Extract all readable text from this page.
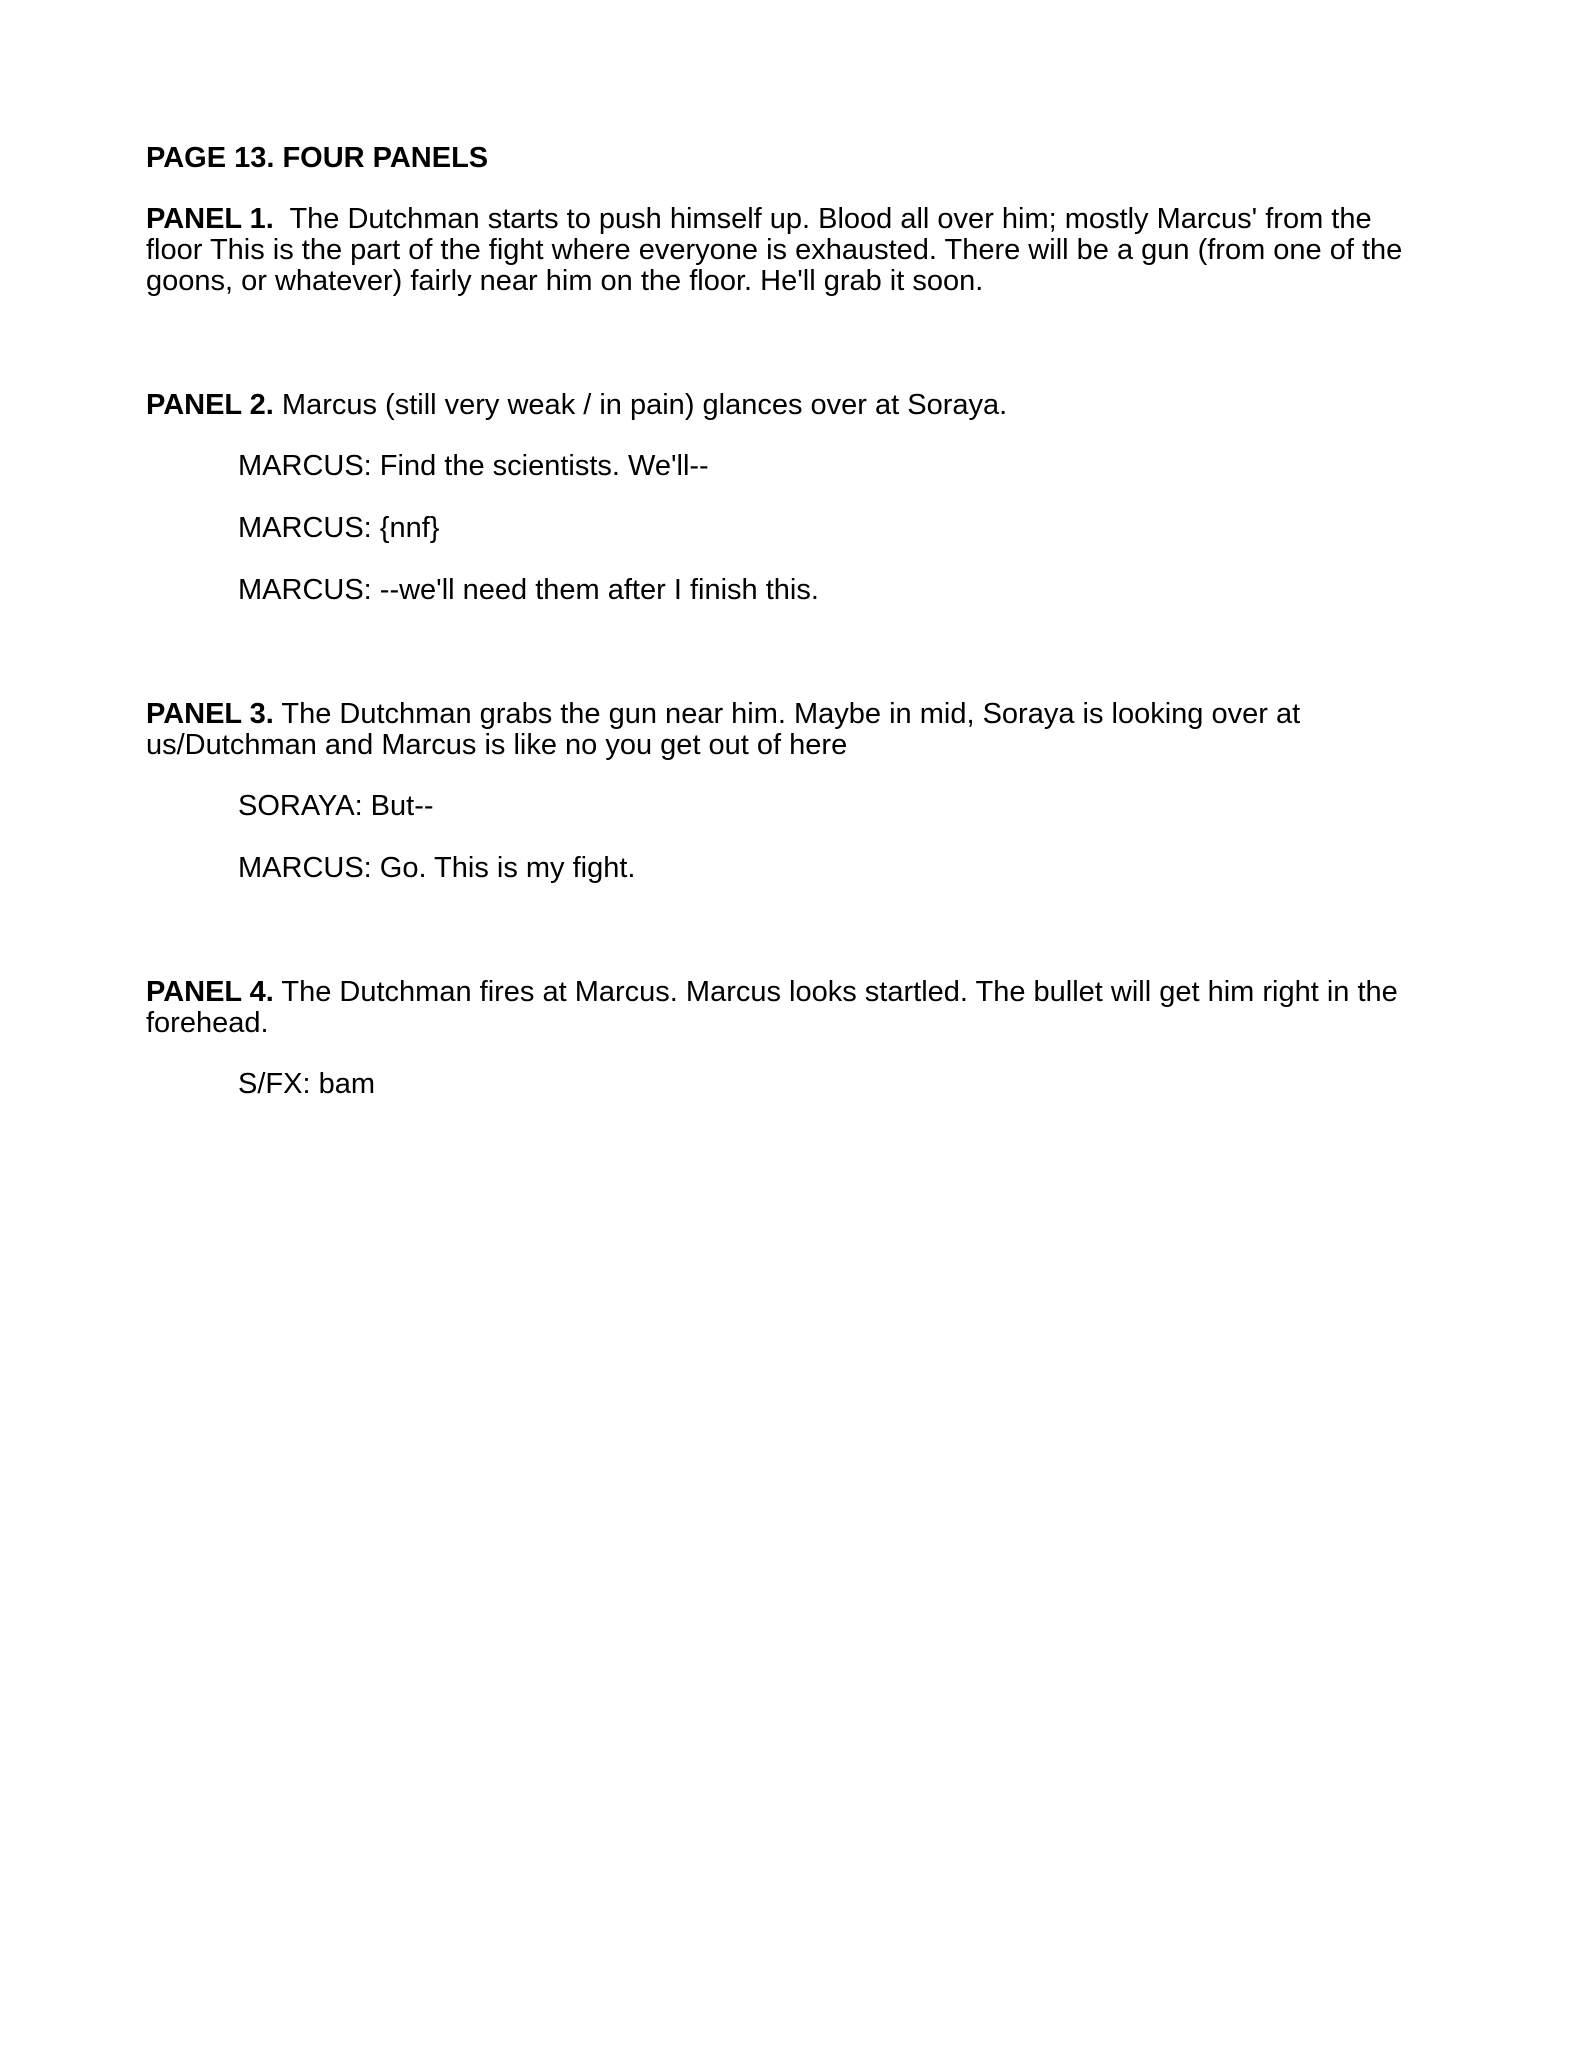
PAGE 13. FOUR PANELS

PANEL 1.  The Dutchman starts to push himself up. Blood all over him; mostly Marcus' from the floor This is the part of the fight where everyone is exhausted. There will be a gun (from one of the goons, or whatever) fairly near him on the floor. He'll grab it soon.

PANEL 2. Marcus (still very weak / in pain) glances over at Soraya.

MARCUS: Find the scientists. We'll--

MARCUS: {nnf}

MARCUS: --we'll need them after I finish this.

PANEL 3. The Dutchman grabs the gun near him. Maybe in mid, Soraya is looking over at us/Dutchman and Marcus is like no you get out of here

SORAYA: But--

MARCUS: Go. This is my fight.

PANEL 4. The Dutchman fires at Marcus. Marcus looks startled. The bullet will get him right in the forehead.

S/FX: bam
